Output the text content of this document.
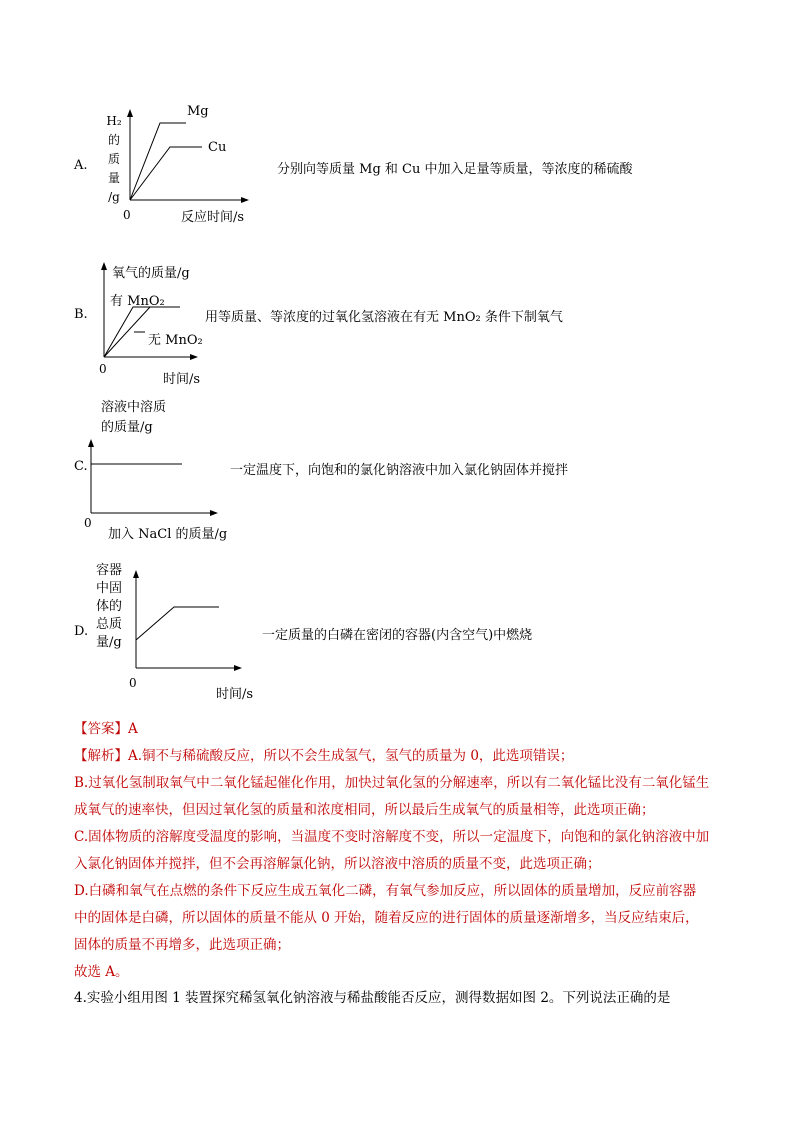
A.
H₂
的
质
量
/g
Mg
Cu
0	反应时间/s
分别向等质量 Mg 和 Cu 中加入足量等质量，等浓度的稀硫酸
B.
氧气的质量/g
有 MnO₂
无 MnO₂
0
时间/s
用等质量、等浓度的过氧化氢溶液在有无 MnO₂ 条件下制氧气
C.
溶液中溶质
的质量/g
0
加入 NaCl 的质量/g
一定温度下，向饱和的氯化钠溶液中加入氯化钠固体并搅拌
D.
容器
中固
体的
总质
量/g
0
时间/s
一定质量的白磷在密闭的容器(内含空气)中燃烧
【答案】A
【解析】A.铜不与稀硫酸反应，所以不会生成氢气，氢气的质量为 0，此选项错误；
B.过氧化氢制取氧气中二氧化锰起催化作用，加快过氧化氢的分解速率，所以有二氧化锰比没有二氧化锰生
成氧气的速率快，但因过氧化氢的质量和浓度相同，所以最后生成氧气的质量相等，此选项正确；
C.固体物质的溶解度受温度的影响，当温度不变时溶解度不变，所以一定温度下，向饱和的氯化钠溶液中加
入氯化钠固体并搅拌，但不会再溶解氯化钠，所以溶液中溶质的质量不变，此选项正确；
D.白磷和氧气在点燃的条件下反应生成五氧化二磷，有氧气参加反应，所以固体的质量增加，反应前容器
中的固体是白磷，所以固体的质量不能从 0 开始，随着反应的进行固体的质量逐渐增多，当反应结束后，
固体的质量不再增多，此选项正确；
故选 A。
4.实验小组用图 1 装置探究稀氢氧化钠溶液与稀盐酸能否反应，测得数据如图 2。下列说法正确的是
